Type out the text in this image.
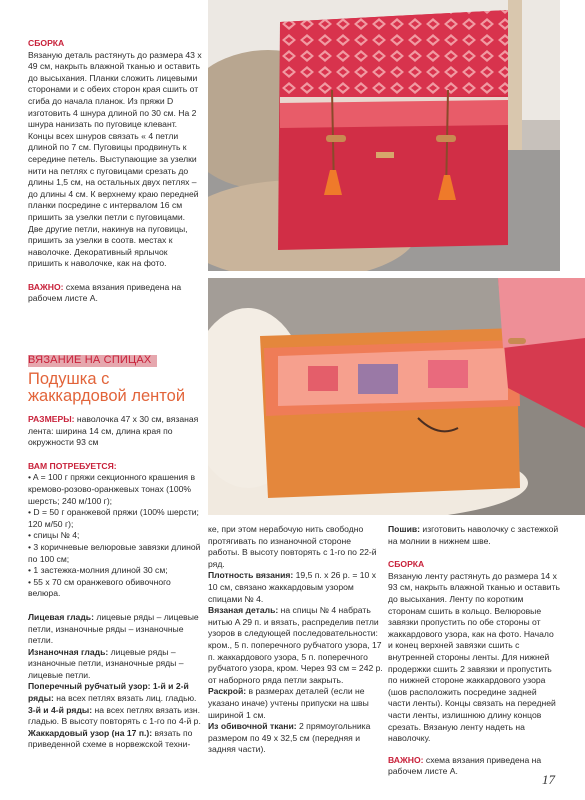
СБОРКА

Вязаную деталь растянуть до размера 43 х 49 см, накрыть влажной тканью и оставить до высыхания. Планки сложить лицевыми сторонами и с обеих сторон края сшить от сгиба до начала планок. Из пряжи D изготовить 4 шнура длиной по 30 см. На 2 шнура нанизать по пуговице клевант. Концы всех шнуров связать « 4 петли длиной по 7 см. Пуговицы продвинуть к середине петель. Выступающие за узелки нити на петлях с пуговицами срезать до длины 1,5 см, на остальных двух петлях – до длины 4 см. К верхнему краю передней планки посредине с интервалом 16 см пришить за узелки петли с пуговицами. Две другие петли, накинув на пуговицы, пришить за узелки в соотв. местах к наволочке. Декоративный ярлычок пришить к наволочке, как на фото.

ВАЖНО: схема вязания приведена на рабочем листе А.

ВЯЗАНИЕ НА СПИЦАХ
Подушка с жаккардовой лентой

РАЗМЕРЫ: наволочка 47 х 30 см, вязаная лента: ширина 14 см, длина края по окружности 93 см

ВАМ ПОТРЕБУЕТСЯ:
• A = 100 г пряжи секционного крашения в кремово-розово-оранжевых тонах (100% шерсть; 240 м/100 г);
• D = 50 г оранжевой пряжи (100% шерсти; 120 м/50 г);
• спицы № 4;
• 3 коричневые велюровые завязки длиной по 100 см;
• 1 застежка-молния длиной 30 см;
• 55 х 70 см оранжевого обивочного велюра.
Лицевая гладь: лицевые ряды – лицевые петли, изнаночные ряды – изнаночные петли.
Изнаночная гладь: лицевые ряды – изнаночные петли, изнаночные ряды – лицевые петли.
Поперечный рубчатый узор: 1-й и 2-й ряды: на всех петлях вязать лиц. гладью.
3-й и 4-й ряды: на всех петлях вязать изн. гладью. В высоту повторять с 1-го по 4-й р.
Жаккардовый узор (на 17 п.): вязать по приведенной схеме в норвежской техни-

ке, при этом нерабочую нить свободно протягивать по изнаночной стороне работы. В высоту повторять с 1-го по 22-й ряд.

Плотность вязания: 19,5 п. х 26 р. = 10 х 10 см, связано жаккардовым узором спицами № 4.

Вязаная деталь: на спицы № 4 набрать нитью A 29 п. и вязать, распределив петли узоров в следующей последовательности: кром., 5 п. поперечного рубчатого узора, 17 п. жаккардового узора, 5 п. поперечного рубчатого узора, кром. Через 93 см = 242 р. от наборного ряда петли закрыть.

Раскрой: в размерах деталей (если не указано иначе) учтены припуски на швы шириной 1 см.

Из обивочной ткани: 2 прямоугольника размером по 49 х 32,5 см (передняя и задняя части).

Пошив: изготовить наволочку с застежкой на молнии в нижнем шве.

СБОРКА

Вязаную ленту растянуть до размера 14 х 93 см, накрыть влажной тканью и оставить до высыхания. Ленту по коротким сторонам сшить в кольцо. Велюровые завязки пропустить по обе стороны от жаккардового узора, как на фото. Начало и конец верхней завязки сшить с внутренней стороны ленты. Для нижней продержки сшить 2 завязки и пропустить по нижней стороне жаккардового узора (шов расположить посредине задней части ленты). Концы связать на передней части ленты, излишнюю длину концов срезать. Вязаную ленту надеть на наволочку.

ВАЖНО: схема вязания приведена на рабочем листе А.

17
PassionForum.ru
